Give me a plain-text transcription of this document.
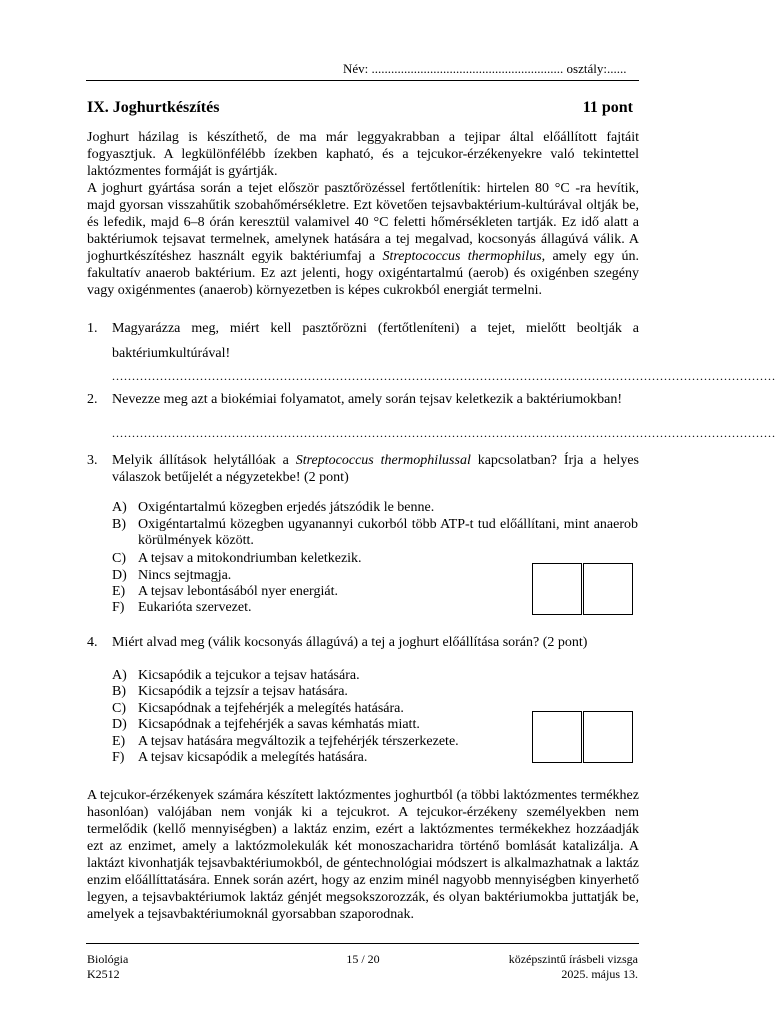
Név: ........................................................... osztály:......
IX. Joghurtkészítés	11 pont

Joghurt házilag is készíthető, de ma már leggyakrabban a tejipar által előállított fajtáit fogyasztjuk. A legkülönfélébb ízekben kapható, és a tejcukor-érzékenyekre való tekintettel laktózmentes formáját is gyártják.

A joghurt gyártása során a tejet először pasztőrözéssel fertőtlenítik: hirtelen 80 °C -ra hevítik, majd gyorsan visszahűtik szobahőmérsékletre. Ezt követően tejsavbaktérium-kultúrával oltják be, és lefedik, majd 6–8 órán keresztül valamivel 40 °C feletti hőmérsékleten tartják. Ez idő alatt a baktériumok tejsavat termelnek, amelynek hatására a tej megalvad, kocsonyás állagúvá válik. A joghurtkészítéshez használt egyik baktériumfaj a Streptococcus thermophilus, amely egy ún. fakultatív anaerob baktérium. Ez azt jelenti, hogy oxigéntartalmú (aerob) és oxigénben szegény vagy oxigénmentes (anaerob) környezetben is képes cukrokból energiát termelni.

1. Magyarázza meg, miért kell pasztőrözni (fertőtleníteni) a tejet, mielőtt beoltják a baktériumkultúrával!
......................................................................................................................................................................
2. Nevezze meg azt a biokémiai folyamatot, amely során tejsav keletkezik a baktériumokban!
......................................................................................................................................................................
3. Melyik állítások helytállóak a Streptococcus thermophilussal kapcsolatban? Írja a helyes válaszok betűjelét a négyzetekbe! (2 pont)
A) Oxigéntartalmú közegben erjedés játszódik le benne.
B) Oxigéntartalmú közegben ugyanannyi cukorból több ATP-t tud előállítani, mint anaerob körülmények között.
C) A tejsav a mitokondriumban keletkezik.
D) Nincs sejtmagja.
E) A tejsav lebontásából nyer energiát.
F) Eukarióta szervezet.
4. Miért alvad meg (válik kocsonyás állagúvá) a tej a joghurt előállítása során? (2 pont)
A) Kicsapódik a tejcukor a tejsav hatására.
B) Kicsapódik a tejzsír a tejsav hatására.
C) Kicsapódnak a tejfehérjék a melegítés hatására.
D) Kicsapódnak a tejfehérjék a savas kémhatás miatt.
E) A tejsav hatására megváltozik a tejfehérjék térszerkezete.
F) A tejsav kicsapódik a melegítés hatására.

A tejcukor-érzékenyek számára készített laktózmentes joghurtból (a többi laktózmentes termékhez hasonlóan) valójában nem vonják ki a tejcukrot. A tejcukor-érzékeny személyekben nem termelődik (kellő mennyiségben) a laktáz enzim, ezért a laktózmentes termékekhez hozzáadják ezt az enzimet, amely a laktózmolekulák két monoszacharidra történő bomlását katalizálja. A laktázt kivonhatják tejsavbaktériumokból, de géntechnológiai módszert is alkalmazhatnak a laktáz enzim előállíttatására. Ennek során azért, hogy az enzim minél nagyobb mennyiségben kinyerhető legyen, a tejsavbaktériumok laktáz génjét megsokszorozzák, és olyan baktériumokba juttatják be, amelyek a tejsavbaktériumoknál gyorsabban szaporodnak.

Biológia
K2512
15 / 20	középszintű írásbeli vizsga
2025. május 13.
